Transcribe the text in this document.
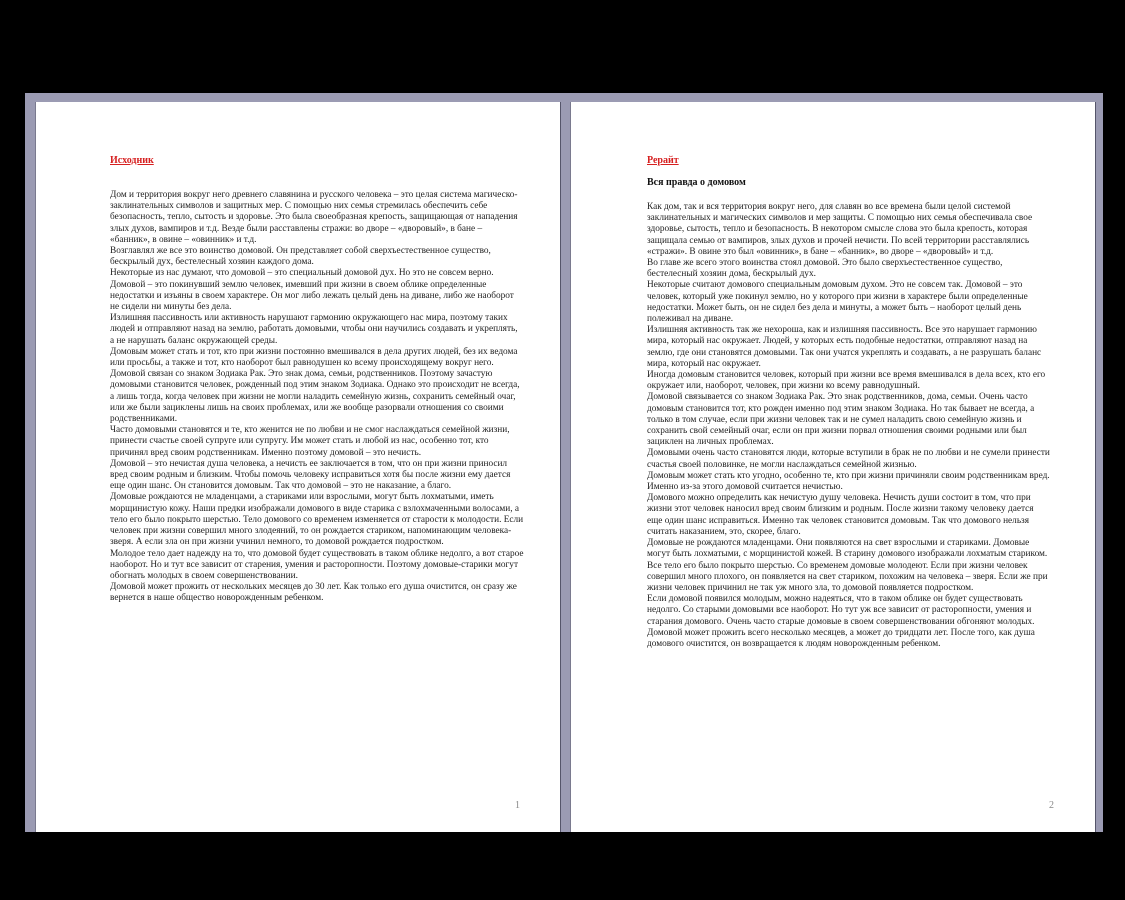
Исходник

Дом и территория вокруг него древнего славянина и русского человека – это целая система магическо-заклинательных символов и защитных мер. С помощью них семья стремилась обеспечить себе безопасность, тепло, сытость и здоровье. Это была своеобразная крепость, защищающая от нападения злых духов, вампиров и т.д. Везде были расставлены стражи: во дворе – «дворовый», в бане – «банник», в овине – «овинник» и т.д.

Возглавлял же все это воинство домовой. Он представляет собой сверхъестественное существо, бескрылый дух, бестелесный хозяин каждого дома.

Некоторые из нас думают, что домовой – это специальный домовой дух. Но это не совсем верно. Домовой – это покинувший землю человек, имевший при жизни в своем облике определенные недостатки и изъяны в своем характере. Он мог либо лежать целый день на диване, либо же наоборот не сидели ни минуты без дела.

Излишняя пассивность или активность нарушают гармонию окружающего нас мира, поэтому таких людей и отправляют назад на землю, работать домовыми, чтобы они научились создавать и укреплять, а не нарушать баланс окружающей среды.

Домовым может стать и тот, кто при жизни постоянно вмешивался в дела других людей, без их ведома или просьбы, а также и тот, кто наоборот был равнодушен ко всему происходящему вокруг него. Домовой связан со знаком Зодиака Рак. Это знак дома, семьи, родственников. Поэтому зачастую домовыми становится человек, рожденный под этим знаком Зодиака. Однако это происходит не всегда, а лишь тогда, когда человек при жизни не могли наладить семейную жизнь, сохранить семейный очаг, или же были зациклены лишь на своих проблемах, или же вообще разорвали отношения со своими родственниками.

Часто домовыми становятся и те, кто женится не по любви и не смог наслаждаться семейной жизни, принести счастье своей супруге или супругу. Им может стать и любой из нас, особенно тот, кто причинял вред своим родственникам. Именно поэтому домовой – это нечисть.

Домовой – это нечистая душа человека, а нечисть ее заключается в том, что он при жизни приносил вред своим родным и близким. Чтобы помочь человеку исправиться хотя бы после жизни ему дается еще один шанс. Он становится домовым. Так что домовой – это не наказание, а благо.

Домовые рождаются не младенцами, а стариками или взрослыми, могут быть лохматыми, иметь морщинистую кожу. Наши предки изображали домового в виде старика с взлохмаченными волосами, а тело его было покрыто шерстью. Тело домового со временем изменяется от старости к молодости. Если человек при жизни совершил много злодеяний, то он рождается стариком, напоминающим человека-зверя. А если зла он при жизни учинил немного, то домовой рождается подростком.

Молодое тело дает надежду на то, что домовой будет существовать в таком облике недолго, а вот старое наоборот. Но и тут все зависит от старения, умения и расторопности. Поэтому домовые-старики могут обогнать молодых в своем совершенствовании.

Домовой может прожить от нескольких месяцев до 30 лет. Как только его душа очистится, он сразу же вернется в наше общество новорожденным ребенком.

1

Рерайт

Вся правда о домовом

Как дом, так и вся территория вокруг него, для славян во все времена были целой системой заклинательных и магических символов и мер защиты. С помощью них семья обеспечивала свое здоровье, сытость, тепло и безопасность. В некотором смысле слова это была крепость, которая защищала семью от вампиров, злых духов и прочей нечисти. По всей территории расставлялись «стражи». В овине это был «овинник», в бане – «банник», во дворе – «дворовый» и т.д.

Во главе же всего этого воинства стоял домовой. Это было сверхъестественное существо, бестелесный хозяин дома, бескрылый дух.

Некоторые считают домового специальным домовым духом. Это не совсем так. Домовой – это человек, который уже покинул землю, но у которого при жизни в характере были определенные недостатки. Может быть, он не сидел без дела и минуты, а может быть – наоборот целый день полеживал на диване.

Излишняя активность так же нехороша, как и излишняя пассивность. Все это нарушает гармонию мира, который нас окружает. Людей, у которых есть подобные недостатки, отправляют назад на землю, где они становятся домовыми. Так они учатся укреплять и создавать, а не разрушать баланс мира, который нас окружает.

Иногда домовым становится человек, который при жизни все время вмешивался в дела всех, кто его окружает или, наоборот, человек, при жизни ко всему равнодушный.

Домовой связывается со знаком Зодиака Рак. Это знак родственников, дома, семьи. Очень часто домовым становится тот, кто рожден именно под этим знаком Зодиака. Но так бывает не всегда, а только в том случае, если при жизни человек так и не сумел наладить свою семейную жизнь и сохранить свой семейный очаг, если он при жизни порвал отношения своими родными или был зациклен на личных проблемах.

Домовыми очень часто становятся люди, которые вступили в брак не по любви и не сумели принести счастья своей половинке, не могли наслаждаться семейной жизнью.

Домовым может стать кто угодно, особенно те, кто при жизни причиняли своим родственникам вред. Именно из-за этого домовой считается нечистью.

Домового можно определить как нечистую душу человека. Нечисть души состоит в том, что при жизни этот человек наносил вред своим близким и родным. После жизни такому человеку дается еще один шанс исправиться. Именно так человек становится домовым. Так что домового нельзя считать наказанием, это, скорее, благо.

Домовые не рождаются младенцами. Они появляются на свет взрослыми и стариками. Домовые могут быть лохматыми, с морщинистой кожей. В старину домового изображали лохматым стариком. Все тело его было покрыто шерстью. Со временем домовые молодеют. Если при жизни человек совершил много плохого, он появляется на свет стариком, похожим на человека – зверя. Если же при жизни человек причинил не так уж много зла, то домовой появляется подростком.

Если домовой появился молодым, можно надеяться, что в таком облике он будет существовать недолго. Со старыми домовыми все наоборот. Но тут уж все зависит от расторопности, умения и старания домового. Очень часто старые домовые в своем совершенствовании обгоняют молодых.

Домовой может прожить всего несколько месяцев, а может до тридцати лет. После того, как душа домового очистится, он возвращается к людям новорожденным ребенком.

2
